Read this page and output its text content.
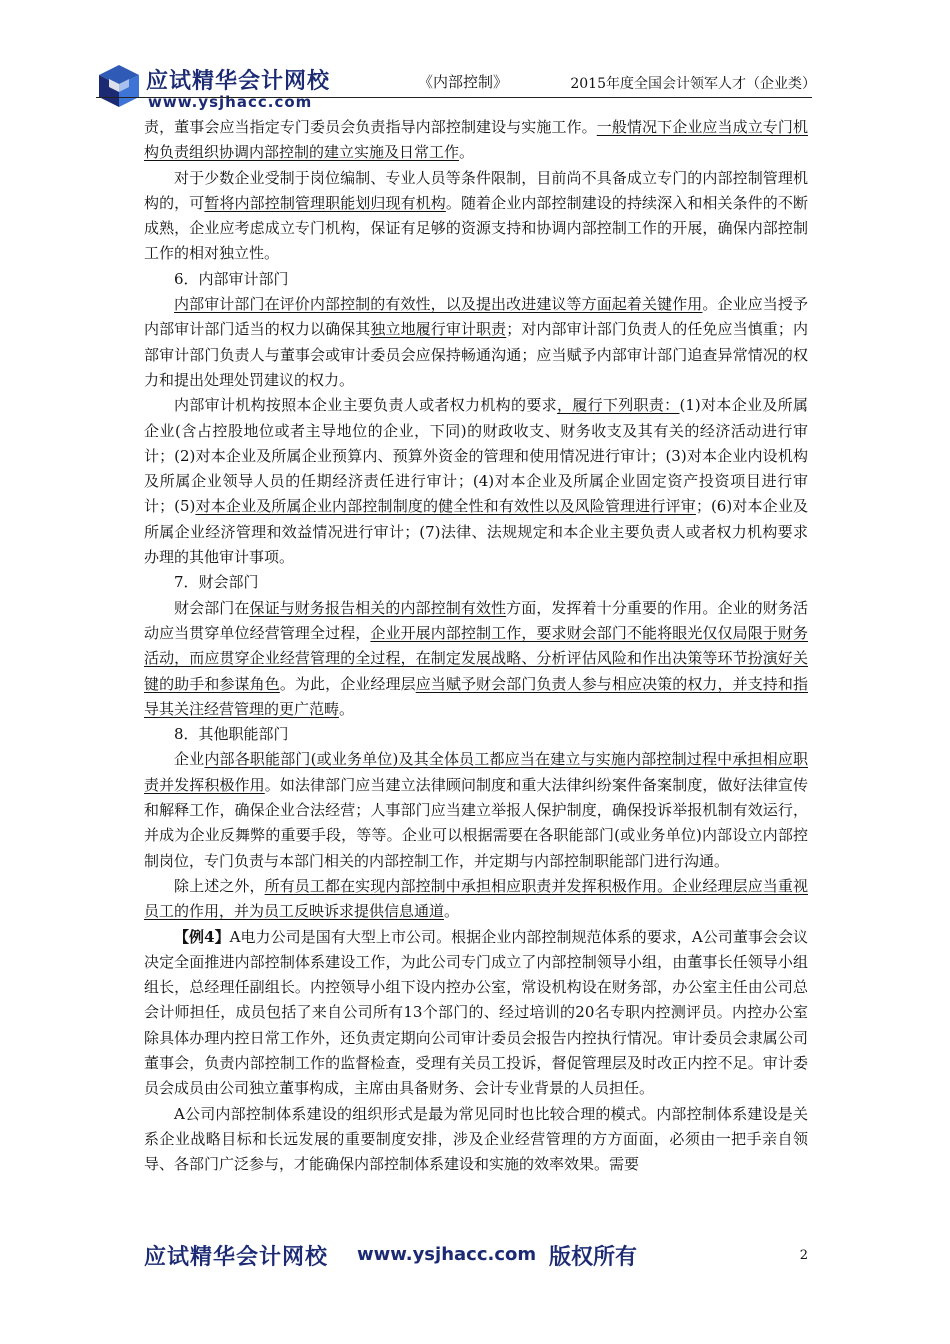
应试精华会计网校
www.ysjhacc.com
《内部控制》	2015年度全国会计领军人才（企业类）

责，董事会应当指定专门委员会负责指导内部控制建设与实施工作。一般情况下企业应当成立专门机构负责组织协调内部控制的建立实施及日常工作。

对于少数企业受制于岗位编制、专业人员等条件限制，目前尚不具备成立专门的内部控制管理机构的，可暂将内部控制管理职能划归现有机构。随着企业内部控制建设的持续深入和相关条件的不断成熟，企业应考虑成立专门机构，保证有足够的资源支持和协调内部控制工作的开展，确保内部控制工作的相对独立性。

6．内部审计部门

内部审计部门在评价内部控制的有效性，以及提出改进建议等方面起着关键作用。企业应当授予内部审计部门适当的权力以确保其独立地履行审计职责；对内部审计部门负责人的任免应当慎重；内部审计部门负责人与董事会或审计委员会应保持畅通沟通；应当赋予内部审计部门追查异常情况的权力和提出处理处罚建议的权力。

内部审计机构按照本企业主要负责人或者权力机构的要求，履行下列职责：(1)对本企业及所属企业(含占控股地位或者主导地位的企业，下同)的财政收支、财务收支及其有关的经济活动进行审计；(2)对本企业及所属企业预算内、预算外资金的管理和使用情况进行审计；(3)对本企业内设机构及所属企业领导人员的任期经济责任进行审计；(4)对本企业及所属企业固定资产投资项目进行审计；(5)对本企业及所属企业内部控制制度的健全性和有效性以及风险管理进行评审；(6)对本企业及所属企业经济管理和效益情况进行审计；(7)法律、法规规定和本企业主要负责人或者权力机构要求办理的其他审计事项。

7．财会部门

财会部门在保证与财务报告相关的内部控制有效性方面，发挥着十分重要的作用。企业的财务活动应当贯穿单位经营管理全过程，企业开展内部控制工作，要求财会部门不能将眼光仅仅局限于财务活动，而应贯穿企业经营管理的全过程，在制定发展战略、分析评估风险和作出决策等环节扮演好关键的助手和参谋角色。为此，企业经理层应当赋予财会部门负责人参与相应决策的权力，并支持和指导其关注经营管理的更广范畴。

8．其他职能部门

企业内部各职能部门(或业务单位)及其全体员工都应当在建立与实施内部控制过程中承担相应职责并发挥积极作用。如法律部门应当建立法律顾问制度和重大法律纠纷案件备案制度，做好法律宣传和解释工作，确保企业合法经营；人事部门应当建立举报人保护制度，确保投诉举报机制有效运行，并成为企业反舞弊的重要手段，等等。企业可以根据需要在各职能部门(或业务单位)内部设立内部控制岗位，专门负责与本部门相关的内部控制工作，并定期与内部控制职能部门进行沟通。

除上述之外，所有员工都在实现内部控制中承担相应职责并发挥积极作用。企业经理层应当重视员工的作用，并为员工反映诉求提供信息通道。

【例4】A电力公司是国有大型上市公司。根据企业内部控制规范体系的要求，A公司董事会会议决定全面推进内部控制体系建设工作，为此公司专门成立了内部控制领导小组，由董事长任领导小组组长，总经理任副组长。内控领导小组下设内控办公室，常设机构设在财务部，办公室主任由公司总会计师担任，成员包括了来自公司所有13个部门的、经过培训的20名专职内控测评员。内控办公室除具体办理内控日常工作外，还负责定期向公司审计委员会报告内控执行情况。审计委员会隶属公司董事会，负责内部控制工作的监督检查，受理有关员工投诉，督促管理层及时改正内控不足。审计委员会成员由公司独立董事构成，主席由具备财务、会计专业背景的人员担任。

A公司内部控制体系建设的组织形式是最为常见同时也比较合理的模式。内部控制体系建设是关系企业战略目标和长远发展的重要制度安排，涉及企业经营管理的方方面面，必须由一把手亲自领导、各部门广泛参与，才能确保内部控制体系建设和实施的效率效果。需要

应试精华会计网校 www.ysjhacc.com 版权所有	2
